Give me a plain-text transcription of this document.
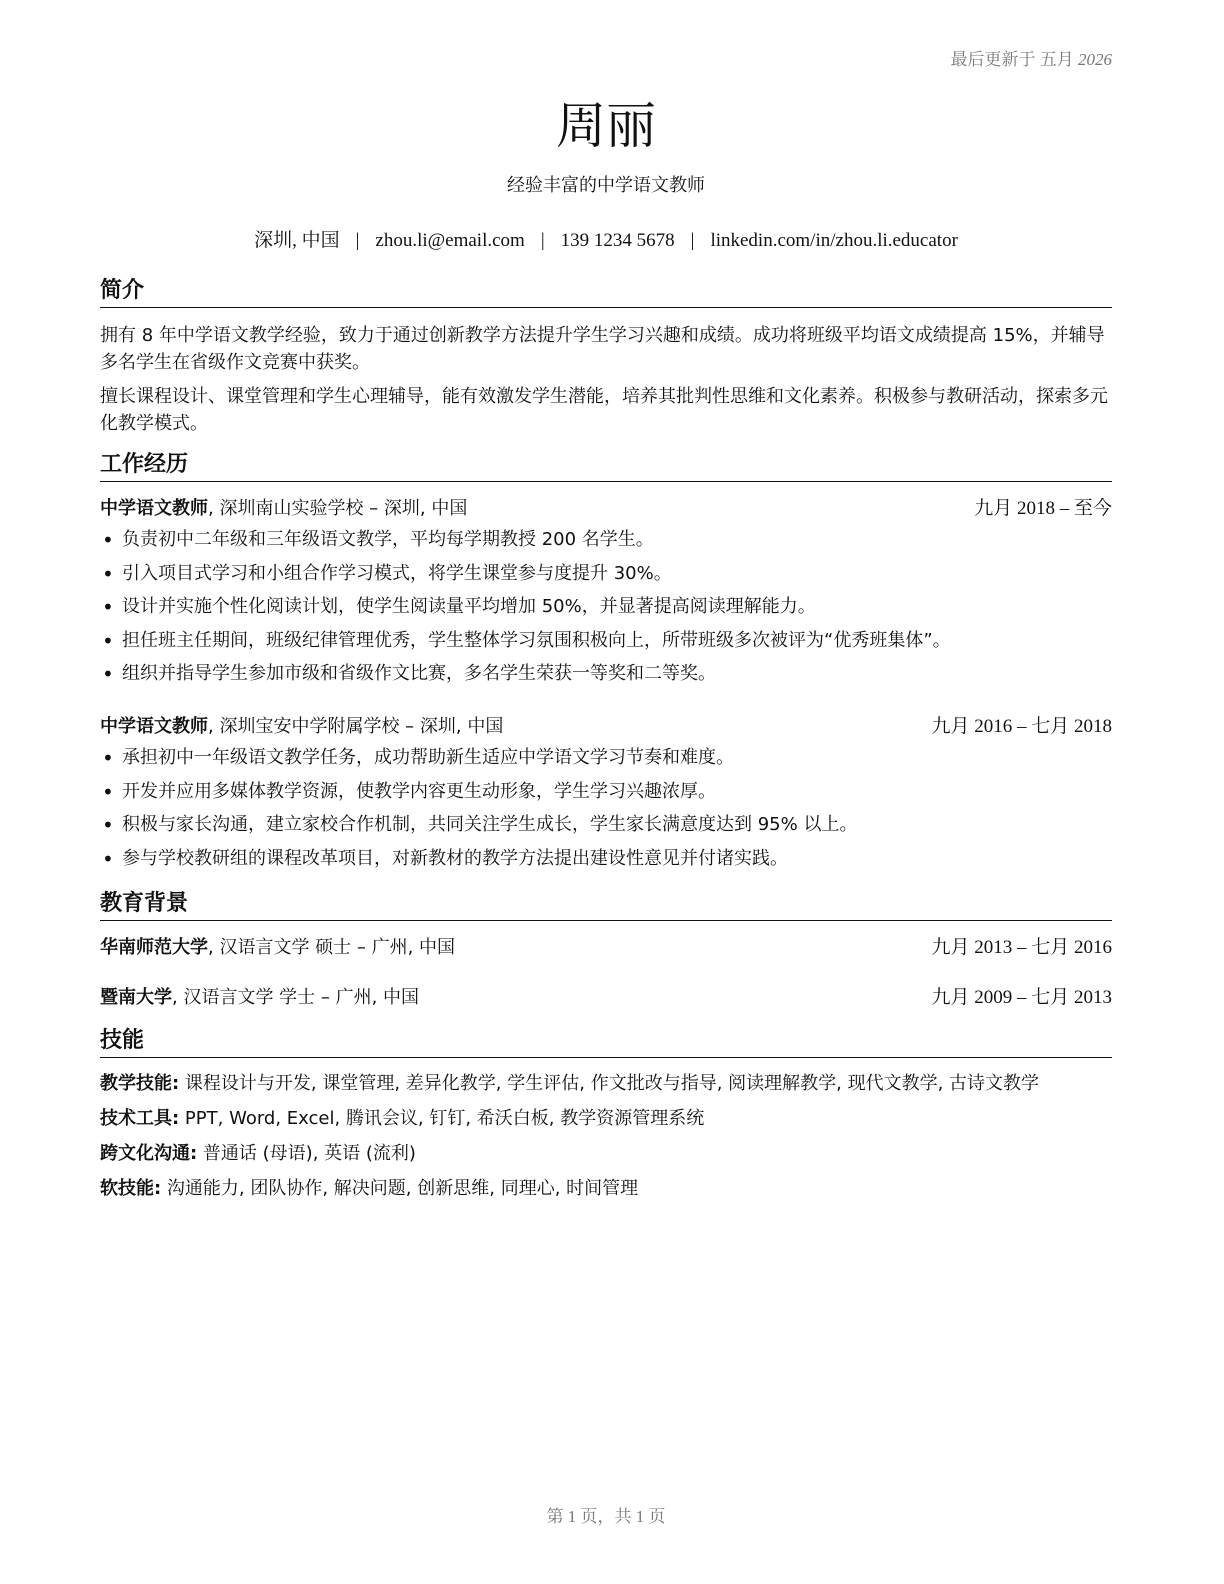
最后更新于 五月 2026
周丽
经验丰富的中学语文教师
深圳, 中国 | zhou.li@email.com | 139 1234 5678 | linkedin.com/in/zhou.li.educator
简介
拥有 8 年中学语文教学经验，致力于通过创新教学方法提升学生学习兴趣和成绩。成功将班级平均语文成绩提高 15%，并辅导多名学生在省级作文竞赛中获奖。
擅长课程设计、课堂管理和学生心理辅导，能有效激发学生潜能，培养其批判性思维和文化素养。积极参与教研活动，探索多元化教学模式。
工作经历
中学语文教师, 深圳南山实验学校 – 深圳, 中国	九月 2018 – 至今
• 负责初中二年级和三年级语文教学，平均每学期教授 200 名学生。
• 引入项目式学习和小组合作学习模式，将学生课堂参与度提升 30%。
• 设计并实施个性化阅读计划，使学生阅读量平均增加 50%，并显著提高阅读理解能力。
• 担任班主任期间，班级纪律管理优秀，学生整体学习氛围积极向上，所带班级多次被评为“优秀班集体”。
• 组织并指导学生参加市级和省级作文比赛，多名学生荣获一等奖和二等奖。
中学语文教师, 深圳宝安中学附属学校 – 深圳, 中国	九月 2016 – 七月 2018
• 承担初中一年级语文教学任务，成功帮助新生适应中学语文学习节奏和难度。
• 开发并应用多媒体教学资源，使教学内容更生动形象，学生学习兴趣浓厚。
• 积极与家长沟通，建立家校合作机制，共同关注学生成长，学生家长满意度达到 95% 以上。
• 参与学校教研组的课程改革项目，对新教材的教学方法提出建设性意见并付诸实践。
教育背景
华南师范大学, 汉语言文学 硕士 – 广州, 中国	九月 2013 – 七月 2016
暨南大学, 汉语言文学 学士 – 广州, 中国	九月 2009 – 七月 2013
技能
教学技能: 课程设计与开发, 课堂管理, 差异化教学, 学生评估, 作文批改与指导, 阅读理解教学, 现代文教学, 古诗文教学
技术工具: PPT, Word, Excel, 腾讯会议, 钉钉, 希沃白板, 教学资源管理系统
跨文化沟通: 普通话 (母语), 英语 (流利)
软技能: 沟通能力, 团队协作, 解决问题, 创新思维, 同理心, 时间管理
第 1 页，共 1 页
